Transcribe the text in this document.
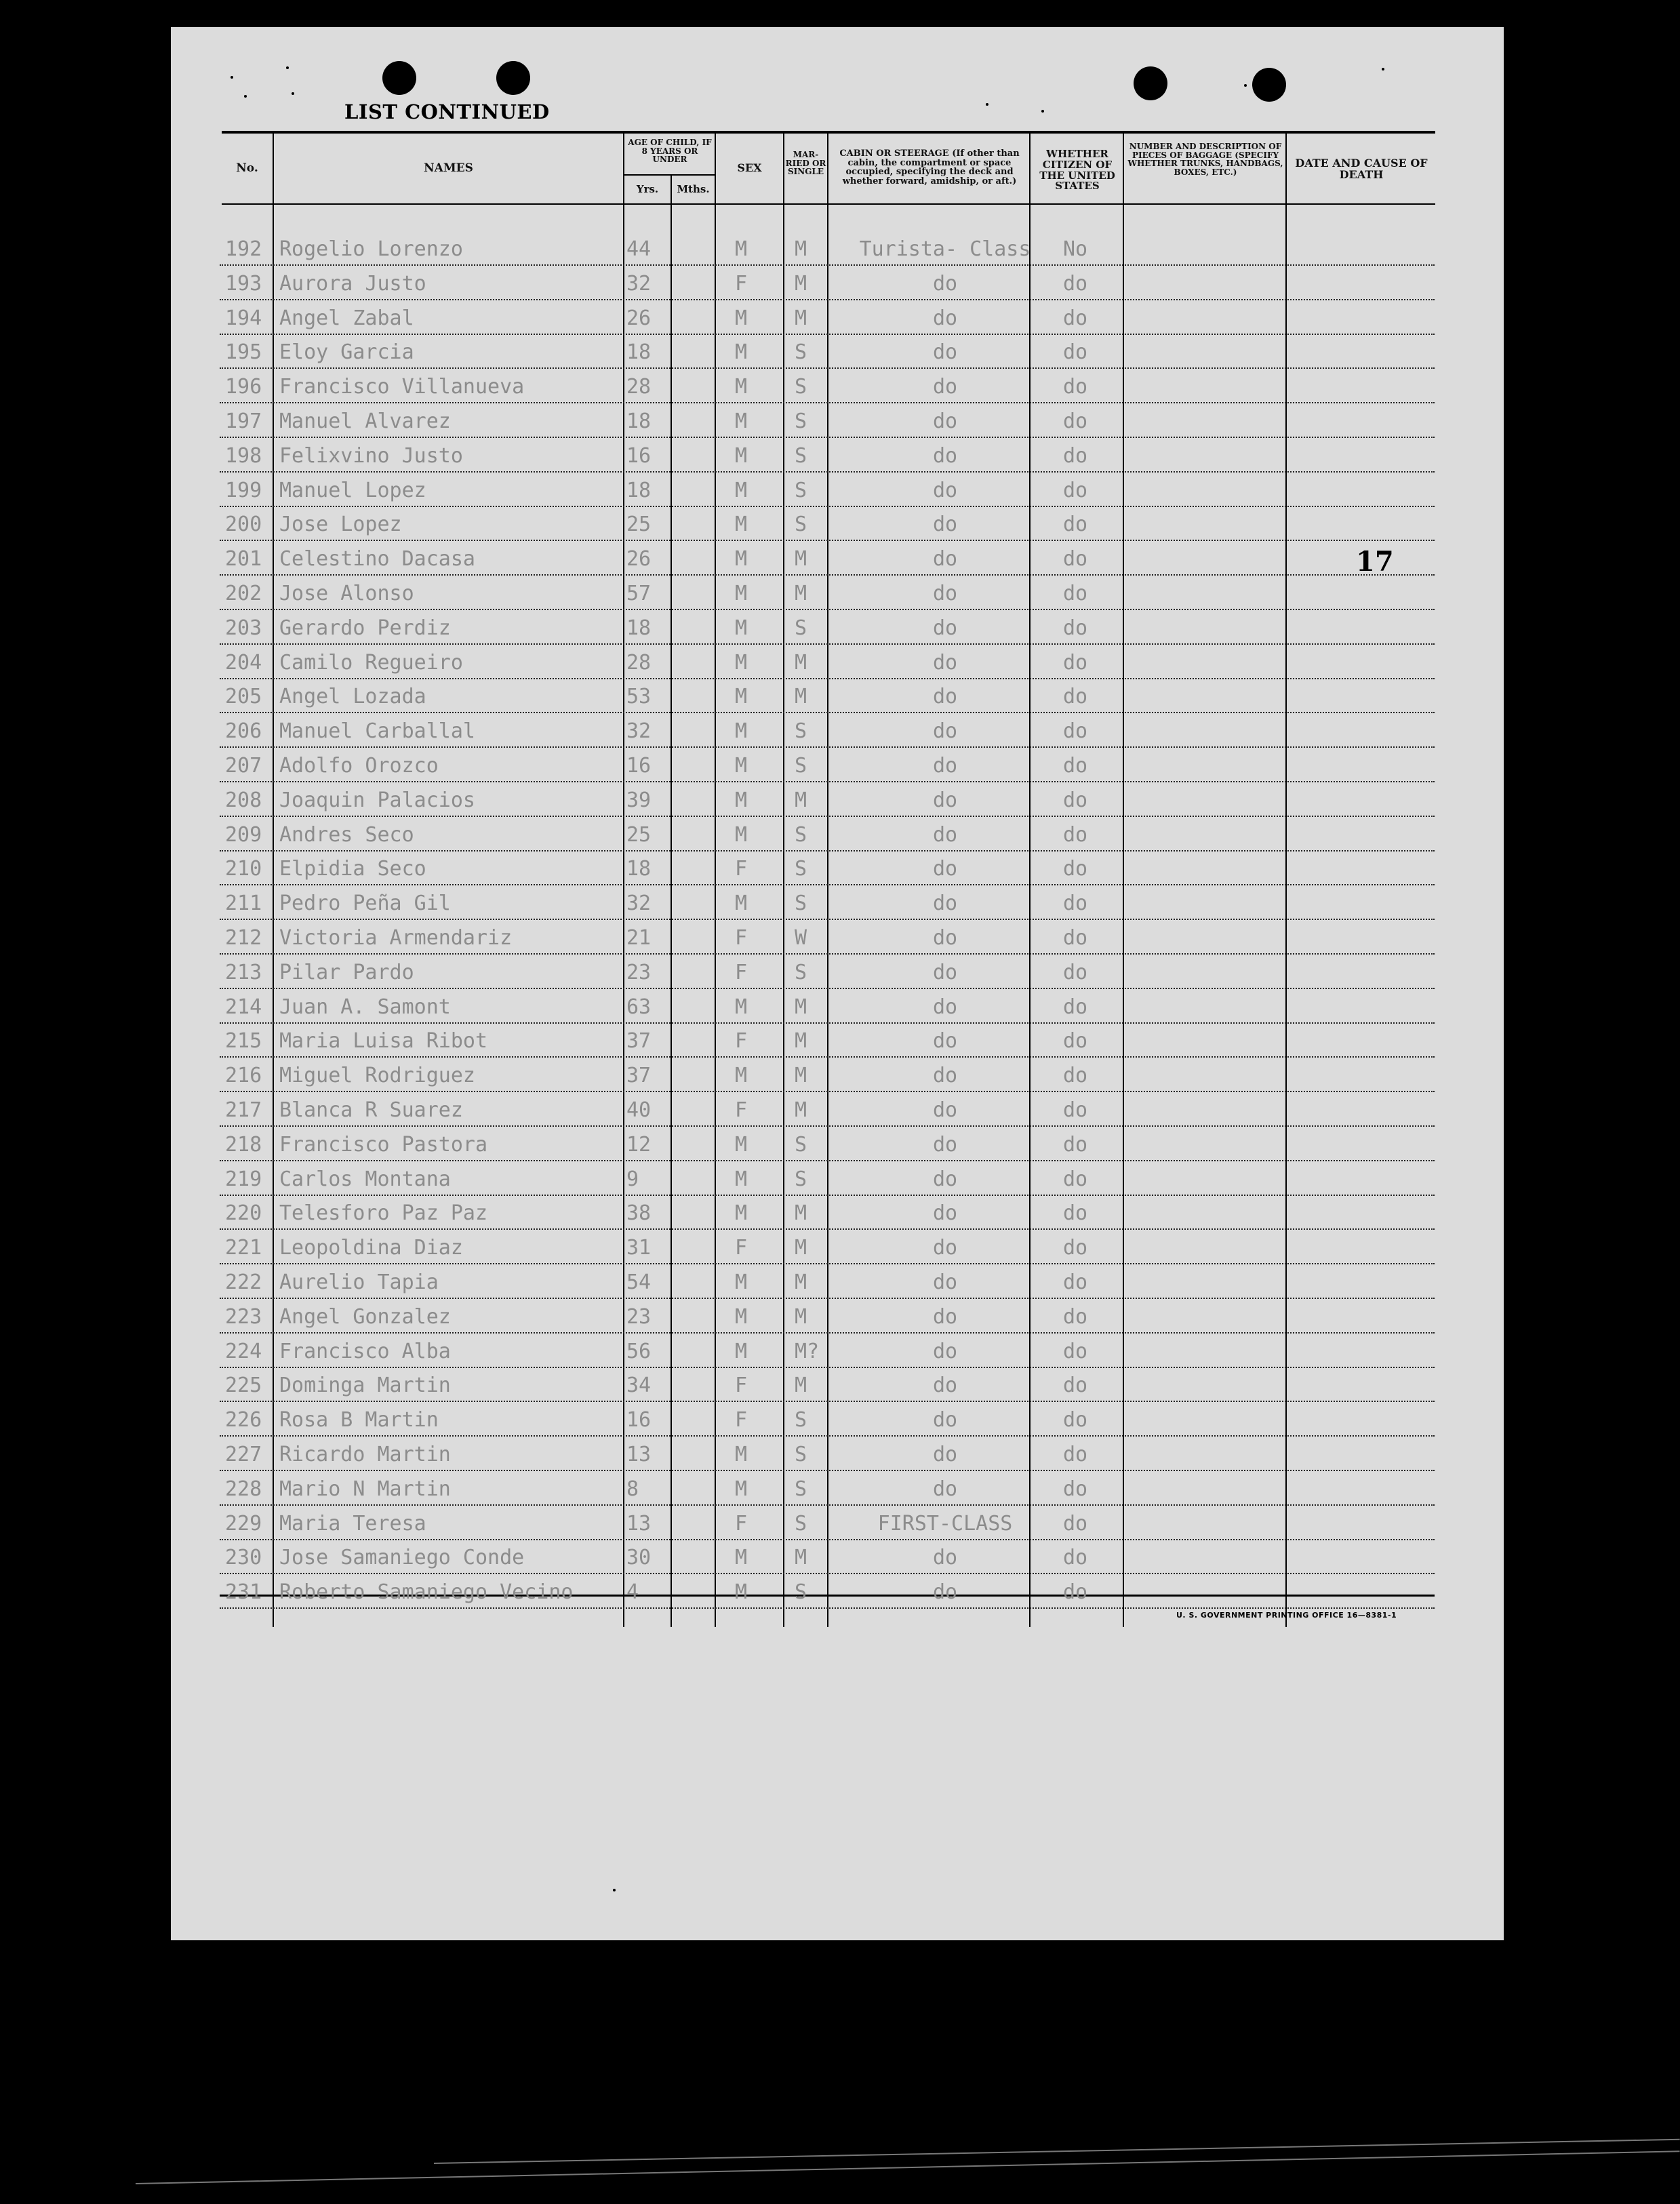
LIST CONTINUED
No.	NAMES
AGE OF CHILD, IF 8 YEARS OR UNDER
Yrs.	Mths.
SEX
MAR-RIED OR SINGLE
CABIN OR STEERAGE (If other than cabin, the compartment or space occupied, specifying the deck and whether forward, amidship, or aft.)
WHETHER CITIZEN OF THE UNITED STATES
NUMBER AND DESCRIPTION OF PIECES OF BAGGAGE (SPECIFY WHETHER TRUNKS, HANDBAGS, BOXES, ETC.)
DATE AND CAUSE OF DEATH
192 Rogelio Lorenzo	44	M M	Turista- Class	No
193 Aurora Justo	32	F M	do	do
194 Angel Zabal	26	M M	do	do
195 Eloy Garcia	18	M S	do	do
196 Francisco Villanueva	28	M S	do	do
197 Manuel Alvarez	18	M S	do	do
198 Felixvino Justo	16	M S	do	do
199 Manuel Lopez	18	M S	do	do
200 Jose Lopez	25	M S	do	do
201 Celestino Dacasa	26	M M	do	do
202 Jose Alonso	57	M M	do	do
203 Gerardo Perdiz	18	M S	do	do
204 Camilo Regueiro	28	M M	do	do
205 Angel Lozada	53	M M	do	do
206 Manuel Carballal	32	M S	do	do
207 Adolfo Orozco	16	M S	do	do
208 Joaquin Palacios	39	M M	do	do
209 Andres Seco	25	M S	do	do
210 Elpidia Seco	18	F S	do	do
211 Pedro Peña Gil	32	M S	do	do
212 Victoria Armendariz	21	F W	do	do
213 Pilar Pardo	23	F S	do	do
214 Juan A. Samont	63	M M	do	do
215 Maria Luisa Ribot	37	F M	do	do
216 Miguel Rodriguez	37	M M	do	do
217 Blanca R Suarez	40	F M	do	do
218 Francisco Pastora	12	M S	do	do
219 Carlos Montana	9	M S	do	do
220 Telesforo Paz Paz	38	M M	do	do
221 Leopoldina Diaz	31	F M	do	do
222 Aurelio Tapia	54	M M	do	do
223 Angel Gonzalez	23	M M	do	do
224 Francisco Alba	56	M M?	do	do
225 Dominga Martin	34	F M	do	do
226 Rosa B Martin	16	F S	do	do
227 Ricardo Martin	13	M S	do	do
228 Mario N Martin	8	M S	do	do
229 Maria Teresa	13	F S	FIRST-CLASS	do
230 Jose Samaniego Conde	30	M M	do	do
231 Roberto Samaniego Vecino	4	M S	do	do
17
U. S. GOVERNMENT PRINTING OFFICE 16—8381-1
